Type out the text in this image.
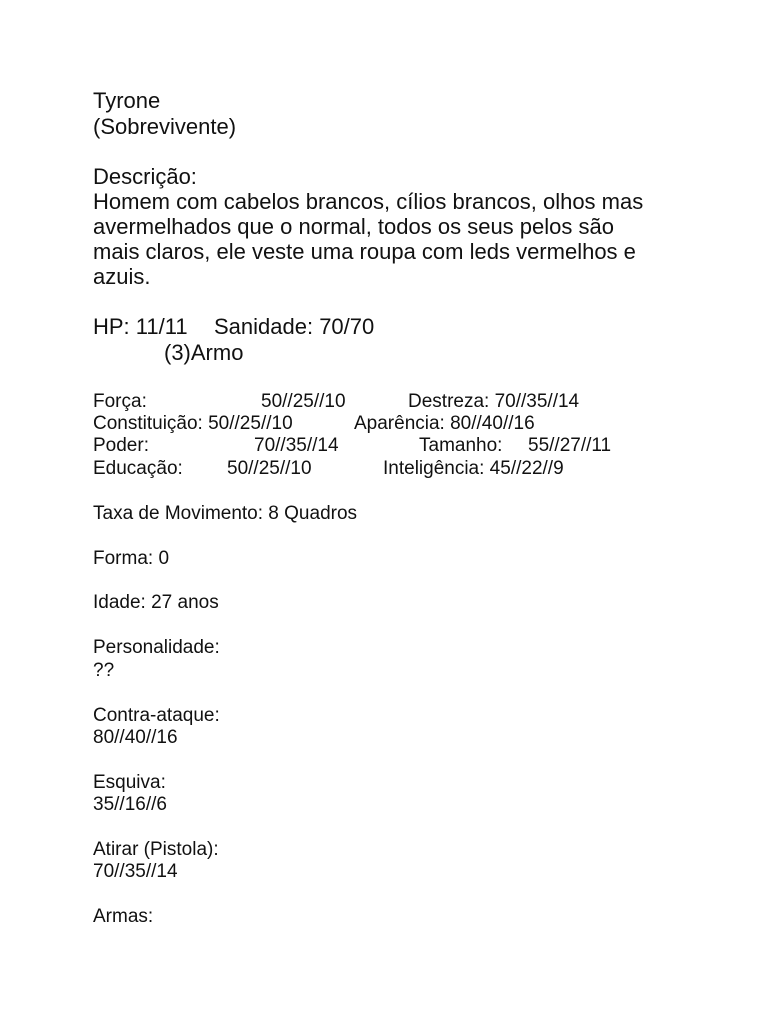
Tyrone
(Sobrevivente)
Descrição:
Homem com cabelos brancos, cílios brancos, olhos mas
avermelhados que o normal, todos os seus pelos são
mais claros, ele veste uma roupa com leds vermelhos e
azuis.
HP: 11/11 Sanidade: 70/70
(3)Armo
Força:	50//25//10	Destreza: 70//35//14
Constituição: 50//25//10	Aparência: 80//40//16
Poder:	70//35//14	Tamanho: 55//27//11
Educação: 50//25//10	Inteligência: 45//22//9
Taxa de Movimento: 8 Quadros
Forma: 0
Idade: 27 anos
Personalidade:
??
Contra-ataque:
80//40//16
Esquiva:
35//16//6
Atirar (Pistola):
70//35//14
Armas:
